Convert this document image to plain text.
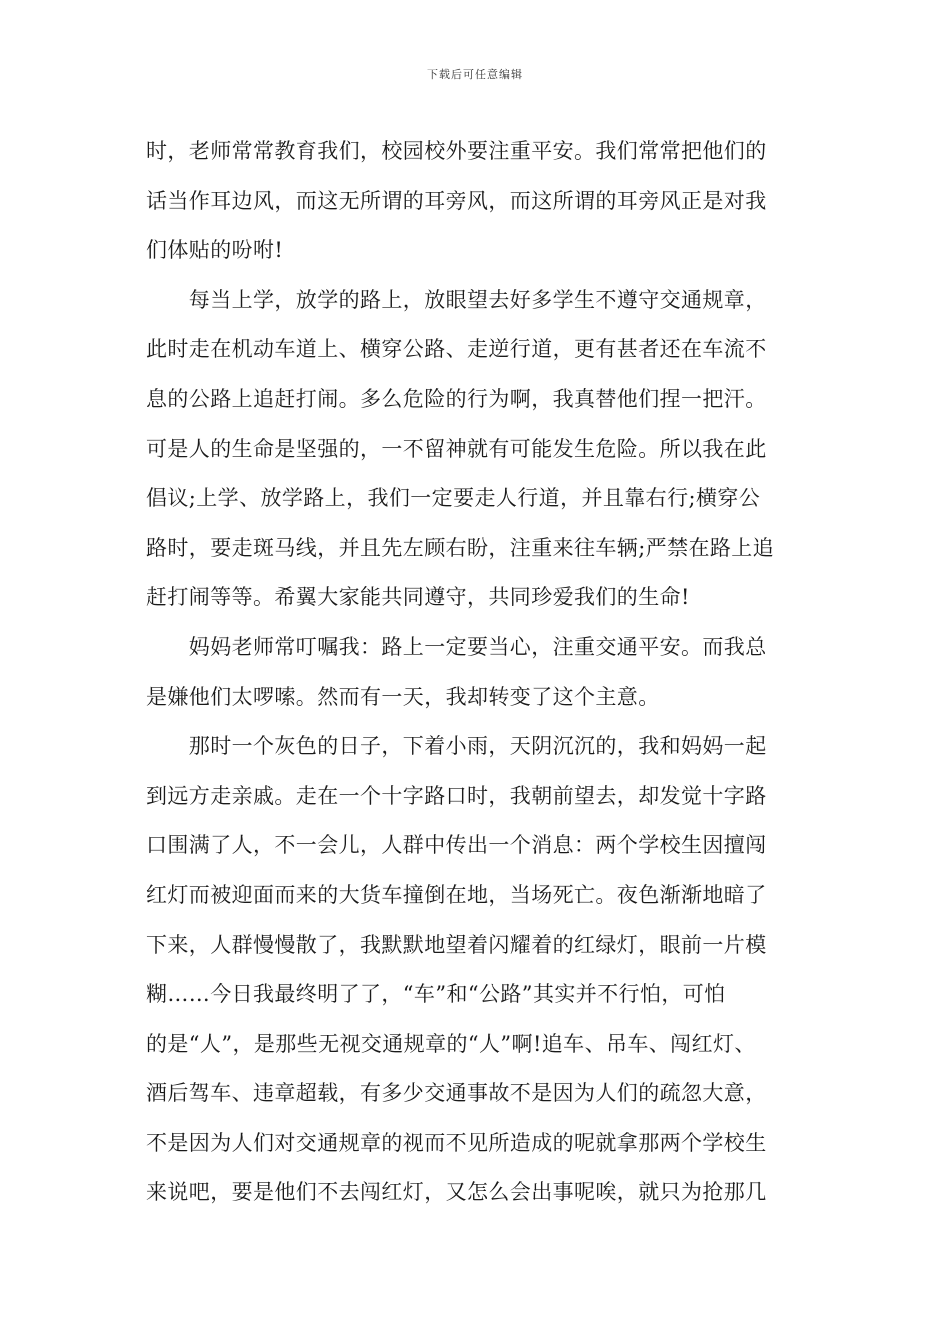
下载后可任意编辑
时，老师常常教育我们，校园校外要注重平安。我们常常把他们的
话当作耳边风，而这无所谓的耳旁风，而这所谓的耳旁风正是对我
们体贴的吩咐!
　　每当上学，放学的路上，放眼望去好多学生不遵守交通规章，
此时走在机动车道上、横穿公路、走逆行道，更有甚者还在车流不
息的公路上追赶打闹。多么危险的行为啊，我真替他们捏一把汗。
可是人的生命是坚强的，一不留神就有可能发生危险。所以我在此
倡议;上学、放学路上，我们一定要走人行道，并且靠右行;横穿公
路时，要走斑马线，并且先左顾右盼，注重来往车辆;严禁在路上追
赶打闹等等。希翼大家能共同遵守，共同珍爱我们的生命!
　　妈妈老师常叮嘱我：路上一定要当心，注重交通平安。而我总
是嫌他们太啰嗦。然而有一天，我却转变了这个主意。
　　那时一个灰色的日子，下着小雨，天阴沉沉的，我和妈妈一起
到远方走亲戚。走在一个十字路口时，我朝前望去，却发觉十字路
口围满了人，不一会儿，人群中传出一个消息：两个学校生因擅闯
红灯而被迎面而来的大货车撞倒在地，当场死亡。夜色渐渐地暗了
下来，人群慢慢散了，我默默地望着闪耀着的红绿灯，眼前一片模
糊……今日我最终明了了，“车”和“公路”其实并不行怕，可怕
的是“人”，是那些无视交通规章的“人”啊!追车、吊车、闯红灯、
酒后驾车、违章超载，有多少交通事故不是因为人们的疏忽大意，
不是因为人们对交通规章的视而不见所造成的呢就拿那两个学校生
来说吧，要是他们不去闯红灯，又怎么会出事呢唉，就只为抢那几
